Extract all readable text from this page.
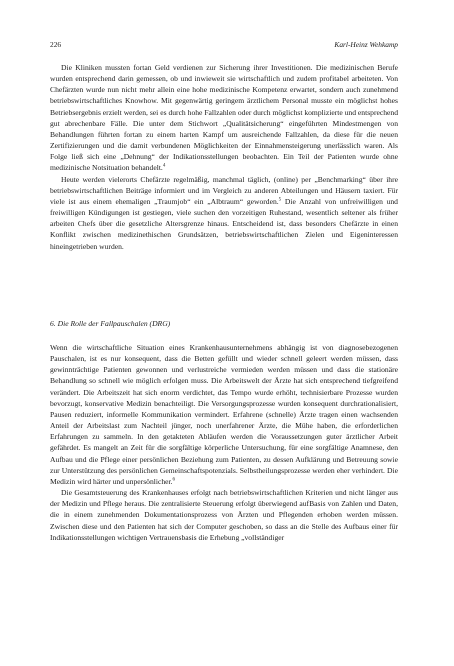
226	Karl-Heinz Wehkamp

Die Kliniken mussten fortan Geld verdienen zur Sicherung ihrer Investitionen. Die medizinischen Berufe wurden entsprechend darin gemessen, ob und inwieweit sie wirtschaftlich und zudem profitabel arbeiteten. Von Chefärzten wurde nun nicht mehr allein eine hohe medizinische Kompetenz erwartet, sondern auch zunehmend betriebswirtschaftliches Knowhow. Mit gegenwärtig geringem ärztlichem Personal musste ein möglichst hohes Betriebsergebnis erzielt werden, sei es durch hohe Fallzahlen oder durch möglichst komplizierte und entsprechend gut abrechenbare Fälle. Die unter dem Stichwort „Qualitätsicherung“ eingeführten Mindestmengen von Behandlungen führten fortan zu einem harten Kampf um ausreichende Fallzahlen, da diese für die neuen Zertifizierungen und die damit verbundenen Möglichkeiten der Einnahmensteigerung unerlässlich waren. Als Folge ließ sich eine „Dehnung“ der Indikationsstellungen beobachten. Ein Teil der Patienten wurde ohne medizinische Notsituation behandelt.$^4$

Heute werden vielerorts Chefärzte regelmäßig, manchmal täglich, (online) per „Benchmarking“ über ihre betriebswirtschaftlichen Beiträge informiert und im Vergleich zu anderen Abteilungen und Häusern taxiert. Für viele ist aus einem ehemaligen „Traumjob“ ein „Albtraum“ geworden.$^5$ Die Anzahl von unfreiwilligen und freiwilligen Kündigungen ist gestiegen, viele suchen den vorzeitigen Ruhestand, wesentlich seltener als früher arbeiten Chefs über die gesetzliche Altersgrenze hinaus. Entscheidend ist, dass besonders Chefärzte in einen Konflikt zwischen medizinethischen Grundsätzen, betriebswirtschaftlichen Zielen und Eigeninteressen hineingetrieben wurden.

6. Die Rolle der Fallpauschalen (DRG)

Wenn die wirtschaftliche Situation eines Krankenhausunternehmens abhängig ist von diagnosebezogenen Pauschalen, ist es nur konsequent, dass die Betten gefüllt und wieder schnell geleert werden müssen, dass gewinnträchtige Patienten gewonnen und verlustreiche vermieden werden müssen und dass die stationäre Behandlung so schnell wie möglich erfolgen muss. Die Arbeitswelt der Ärzte hat sich entsprechend tiefgreifend verändert. Die Arbeitszeit hat sich enorm verdichtet, das Tempo wurde erhöht, technisierbare Prozesse wurden bevorzugt, konservative Medizin benachteiligt. Die Versorgungsprozesse wurden konsequent durchrationalisiert, Pausen reduziert, informelle Kommunikation vermindert. Erfahrene (schnelle) Ärzte tragen einen wachsenden Anteil der Arbeitslast zum Nachteil jünger, noch unerfahrener Ärzte, die Mühe haben, die erforderlichen Erfahrungen zu sammeln. In den getakteten Abläufen werden die Voraussetzungen guter ärztlicher Arbeit gefährdet. Es mangelt an Zeit für die sorgfältige körperliche Untersuchung, für eine sorgfältige Anamnese, den Aufbau und die Pflege einer persönlichen Beziehung zum Patienten, zu dessen Aufklärung und Betreuung sowie zur Unterstützung des persönlichen Gemeinschaftspotenzials. Selbstheilungsprozesse werden eher verhindert. Die Medizin wird härter und unpersönlicher.$^6$

Die Gesamtsteuerung des Krankenhauses erfolgt nach betriebswirtschaftlichen Kriterien und nicht länger aus der Medizin und Pflege heraus. Die zentralisierte Steuerung erfolgt überwiegend aufBasis von Zahlen und Daten, die in einem zunehmenden Dokumentationsprozess von Ärzten und Pflegenden erhoben werden müssen. Zwischen diese und den Patienten hat sich der Computer geschoben, so dass an die Stelle des Aufbaus einer für Indikationsstellungen wichtigen Vertrauensbasis die Erhebung „vollständiger
